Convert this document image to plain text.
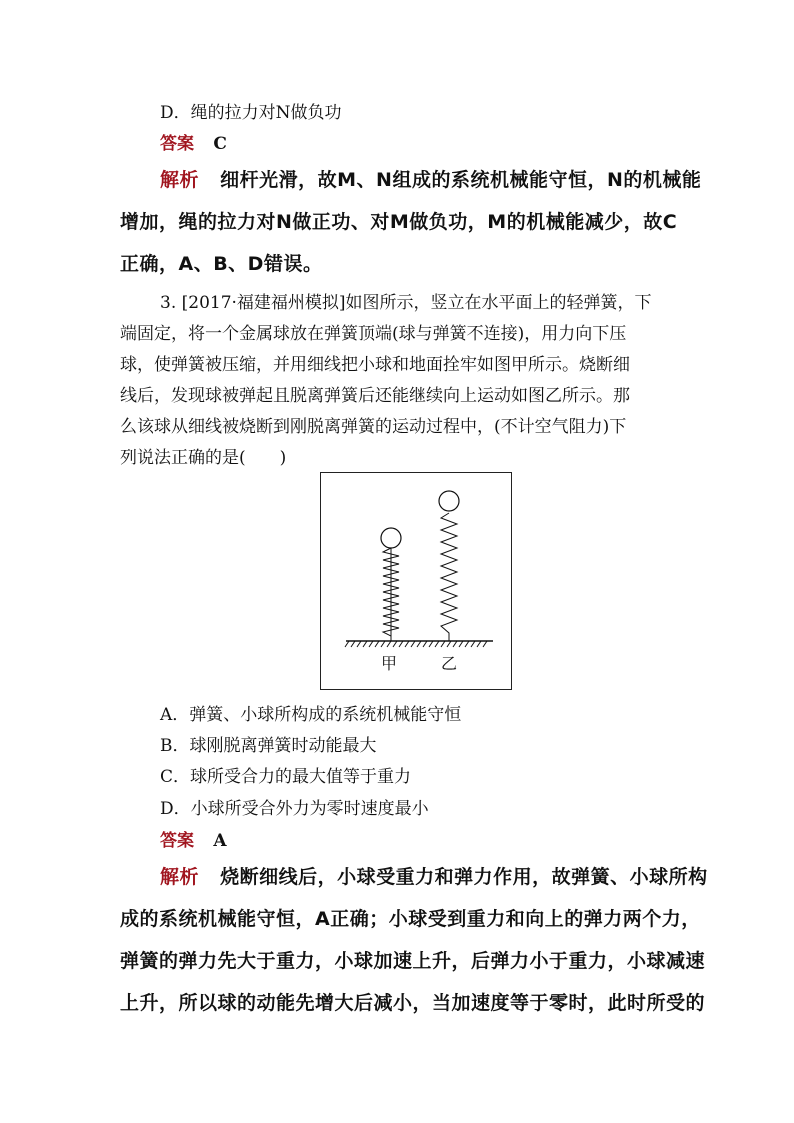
D．绳的拉力对N做负功
答案 C
解析 细杆光滑，故M、N组成的系统机械能守恒，N的机械能
增加，绳的拉力对N做正功、对M做负功，M的机械能减少，故C
正确，A、B、D错误。
3. [2017·福建福州模拟]如图所示，竖立在水平面上的轻弹簧，下
端固定，将一个金属球放在弹簧顶端(球与弹簧不连接)，用力向下压
球，使弹簧被压缩，并用细线把小球和地面拴牢如图甲所示。烧断细
线后，发现球被弹起且脱离弹簧后还能继续向上运动如图乙所示。那
么该球从细线被烧断到刚脱离弹簧的运动过程中，(不计空气阻力)下
列说法正确的是(　　)
甲	乙
A．弹簧、小球所构成的系统机械能守恒
B．球刚脱离弹簧时动能最大
C．球所受合力的最大值等于重力
D．小球所受合外力为零时速度最小
答案 A
解析 烧断细线后，小球受重力和弹力作用，故弹簧、小球所构
成的系统机械能守恒，A正确；小球受到重力和向上的弹力两个力，
弹簧的弹力先大于重力，小球加速上升，后弹力小于重力，小球减速
上升，所以球的动能先增大后减小，当加速度等于零时，此时所受的
